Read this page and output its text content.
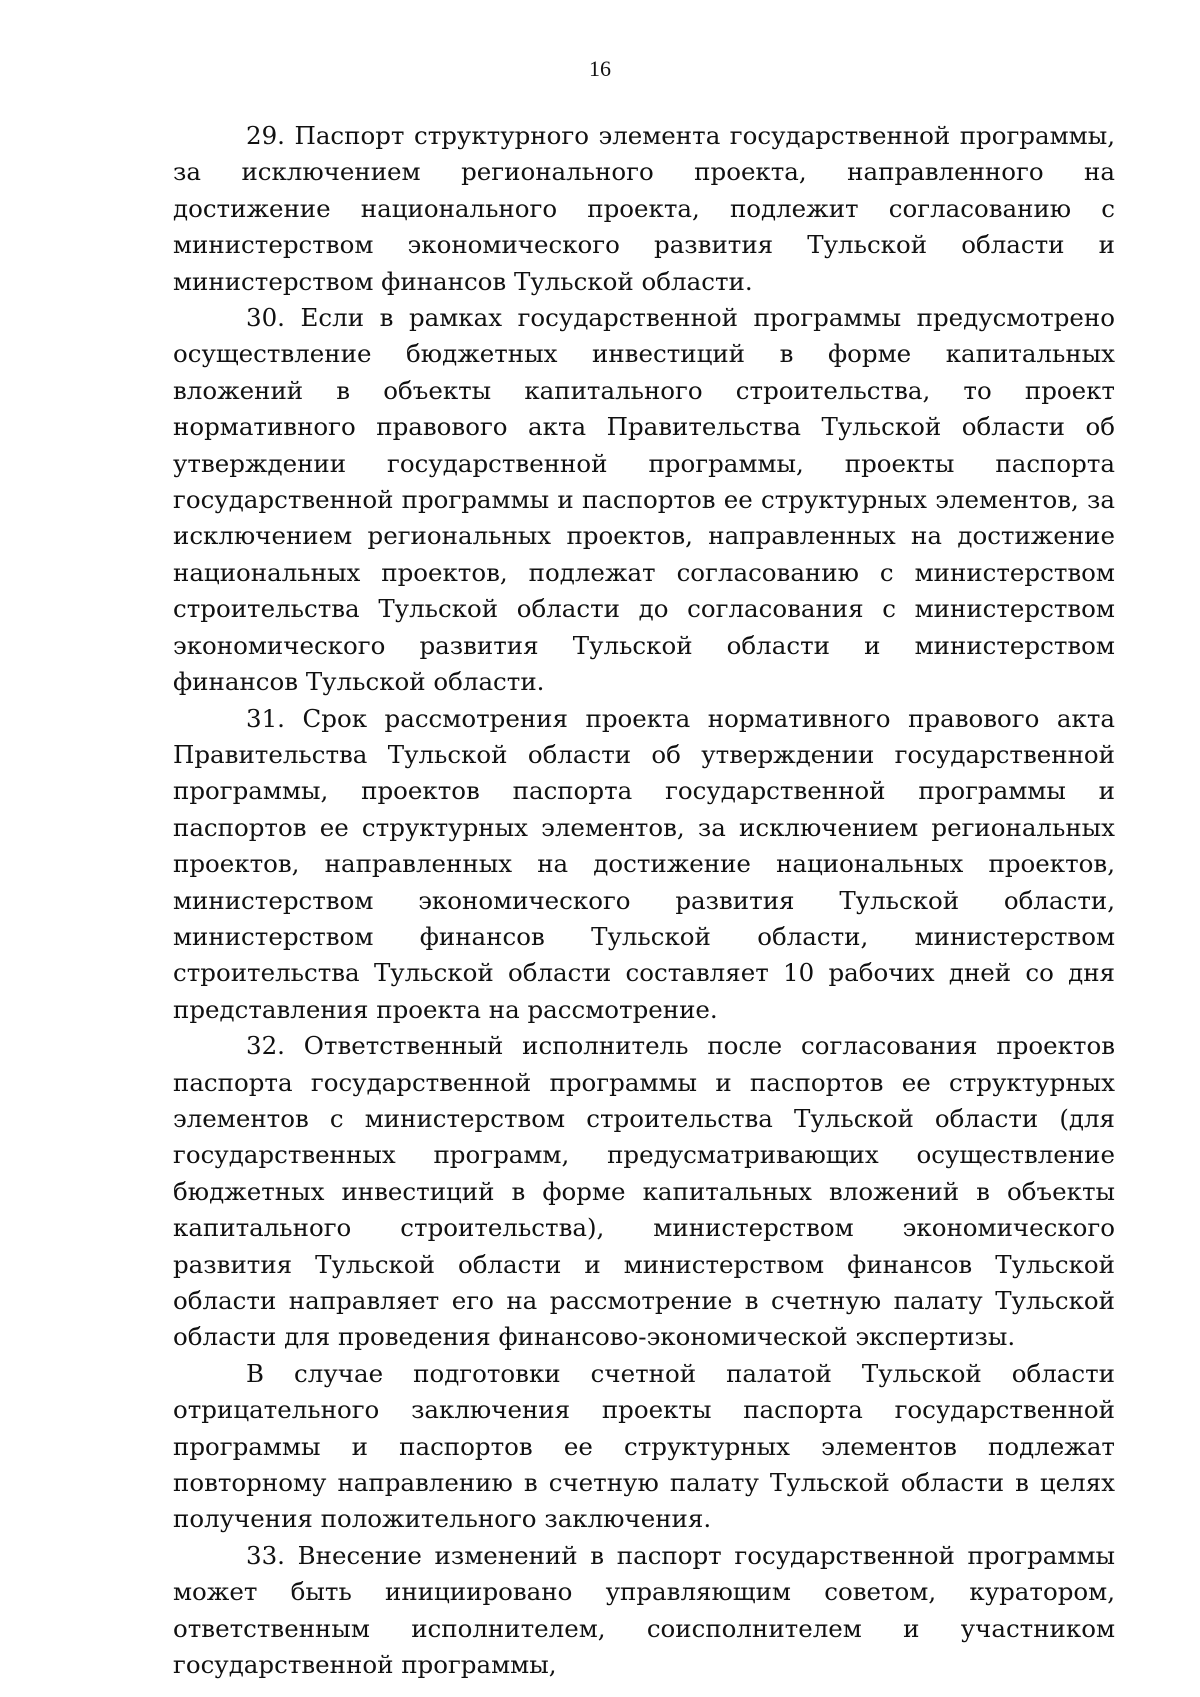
16

29. Паспорт структурного элемента государственной программы, за исключением регионального проекта, направленного на достижение национального проекта, подлежит согласованию с министерством экономического развития Тульской области и министерством финансов Тульской области.

30. Если в рамках государственной программы предусмотрено осуществление бюджетных инвестиций в форме капитальных вложений в объекты капитального строительства, то проект нормативного правового акта Правительства Тульской области об утверждении государственной программы, проекты паспорта государственной программы и паспортов ее структурных элементов, за исключением региональных проектов, направленных на достижение национальных проектов, подлежат согласованию с министерством строительства Тульской области до согласования с министерством экономического развития Тульской области и министерством финансов Тульской области.

31. Срок рассмотрения проекта нормативного правового акта Правительства Тульской области об утверждении государственной программы, проектов паспорта государственной программы и паспортов ее структурных элементов, за исключением региональных проектов, направленных на достижение национальных проектов, министерством экономического развития Тульской области, министерством финансов Тульской области, министерством строительства Тульской области составляет 10 рабочих дней со дня представления проекта на рассмотрение.

32. Ответственный исполнитель после согласования проектов паспорта государственной программы и паспортов ее структурных элементов с министерством строительства Тульской области (для государственных программ, предусматривающих осуществление бюджетных инвестиций в форме капитальных вложений в объекты капитального строительства), министерством экономического развития Тульской области и министерством финансов Тульской области направляет его на рассмотрение в счетную палату Тульской области для проведения финансово-экономической экспертизы.

В случае подготовки счетной палатой Тульской области отрицательного заключения проекты паспорта государственной программы и паспортов ее структурных элементов подлежат повторному направлению в счетную палату Тульской области в целях получения положительного заключения.

33. Внесение изменений в паспорт государственной программы может быть инициировано управляющим советом, куратором, ответственным исполнителем, соисполнителем и участником государственной программы,
